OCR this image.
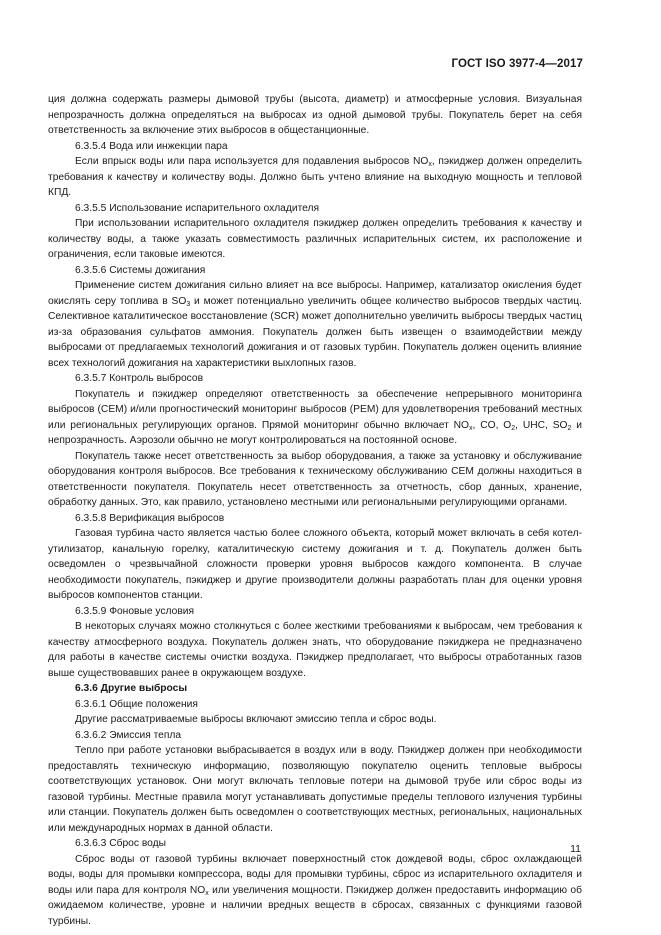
ГОСТ ISO 3977-4—2017

ция должна содержать размеры дымовой трубы (высота, диаметр) и атмосферные условия. Визуальная непрозрачность должна определяться на выбросах из одной дымовой трубы. Покупатель берет на себя ответственность за включение этих выбросов в общестанционные.

6.3.5.4 Вода или инжекции пара

Если впрыск воды или пара используется для подавления выбросов $NO_x$, пэкиджер должен определить требования к качеству и количеству воды. Должно быть учтено влияние на выходную мощность и тепловой КПД.

6.3.5.5 Использование испарительного охладителя

При использовании испарительного охладителя пэкиджер должен определить требования к качеству и количеству воды, а также указать совместимость различных испарительных систем, их расположение и ограничения, если таковые имеются.

6.3.5.6 Системы дожигания

Применение систем дожигания сильно влияет на все выбросы. Например, катализатор окисления будет окислять серу топлива в $SO_3$ и может потенциально увеличить общее количество выбросов твердых частиц. Селективное каталитическое восстановление (SCR) может дополнительно увеличить выбросы твердых частиц из-за образования сульфатов аммония. Покупатель должен быть извещен о взаимодействии между выбросами от предлагаемых технологий дожигания и от газовых турбин. Покупатель должен оценить влияние всех технологий дожигания на характеристики выхлопных газов.

6.3.5.7 Контроль выбросов

Покупатель и пэкиджер определяют ответственность за обеспечение непрерывного мониторинга выбросов (CEM) и/или прогностический мониторинг выбросов (PEM) для удовлетворения требований местных или региональных регулирующих органов. Прямой мониторинг обычно включает $NO_x$, CO, $O_2$, UHC, $SO_2$ и непрозрачность. Аэрозоли обычно не могут контролироваться на постоянной основе.

Покупатель также несет ответственность за выбор оборудования, а также за установку и обслуживание оборудования контроля выбросов. Все требования к техническому обслуживанию CEM должны находиться в ответственности покупателя. Покупатель несет ответственность за отчетность, сбор данных, хранение, обработку данных. Это, как правило, установлено местными или региональными регулирующими органами.

6.3.5.8 Верификация выбросов

Газовая турбина часто является частью более сложного объекта, который может включать в себя котел-утилизатор, канальную горелку, каталитическую систему дожигания и т. д. Покупатель должен быть осведомлен о чрезвычайной сложности проверки уровня выбросов каждого компонента. В случае необходимости покупатель, пэкиджер и другие производители должны разработать план для оценки уровня выбросов компонентов станции.

6.3.5.9 Фоновые условия

В некоторых случаях можно столкнуться с более жесткими требованиями к выбросам, чем требования к качеству атмосферного воздуха. Покупатель должен знать, что оборудование пэкиджера не предназначено для работы в качестве системы очистки воздуха. Пэкиджер предполагает, что выбросы отработанных газов выше существовавших ранее в окружающем воздухе.

6.3.6 Другие выбросы

6.3.6.1 Общие положения

Другие рассматриваемые выбросы включают эмиссию тепла и сброс воды.

6.3.6.2 Эмиссия тепла

Тепло при работе установки выбрасывается в воздух или в воду. Пэкиджер должен при необходимости предоставлять техническую информацию, позволяющую покупателю оценить тепловые выбросы соответствующих установок. Они могут включать тепловые потери на дымовой трубе или сброс воды из газовой турбины. Местные правила могут устанавливать допустимые пределы теплового излучения турбины или станции. Покупатель должен быть осведомлен о соответствующих местных, региональных, национальных или международных нормах в данной области.

6.3.6.3 Сброс воды

Сброс воды от газовой турбины включает поверхностный сток дождевой воды, сброс охлаждающей воды, воды для промывки компрессора, воды для промывки турбины, сброс из испарительного охладителя и воды или пара для контроля $NO_x$ или увеличения мощности. Пэкиджер должен предоставить информацию об ожидаемом количестве, уровне и наличии вредных веществ в сбросах, связанных с функциями газовой турбины.

11
